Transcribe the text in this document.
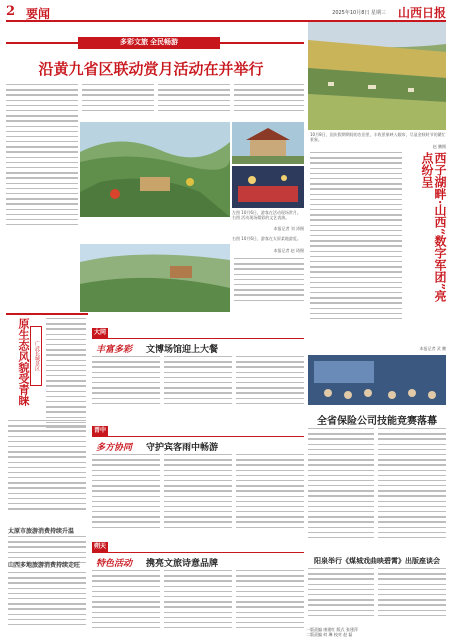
2 要闻	2025年10月8日 星期三 山西日报
多彩文旅 全民畅游
沿黄九省区联动赏月活动在并举行
左图 10月6日，游客在活动现场赏月。右图 活动现场精彩的文艺表演。
本报记者 刘 涛摄
右图 10月6日，游客在太原某地游览。
本报记者 赵 琦摄
10月8日，国庆假期期间的农田里，丰收景象映入眼帘，尽显金秋时节的繁忙景象。
赵 鹏摄
西子湖畔·山西“数字军团”亮点纷呈
本报记者 武 鹏
全省保险公司技能竞赛落幕
阳泉举行《煤城戏曲映碧霄》出版座谈会
原生态风貌受青睐 广武长城景区
太原市旅游消费持续升温
山西多地旅游消费持续走旺
大同
丰富多彩 文博场馆迎上大餐
晋中
多方协同 守护宾客雨中畅游
朔天
特色活动 携亮文旅诗意品牌
一版责编 康建红 版式 张建萍
二版责编 何 琳 校对 赵 磊
